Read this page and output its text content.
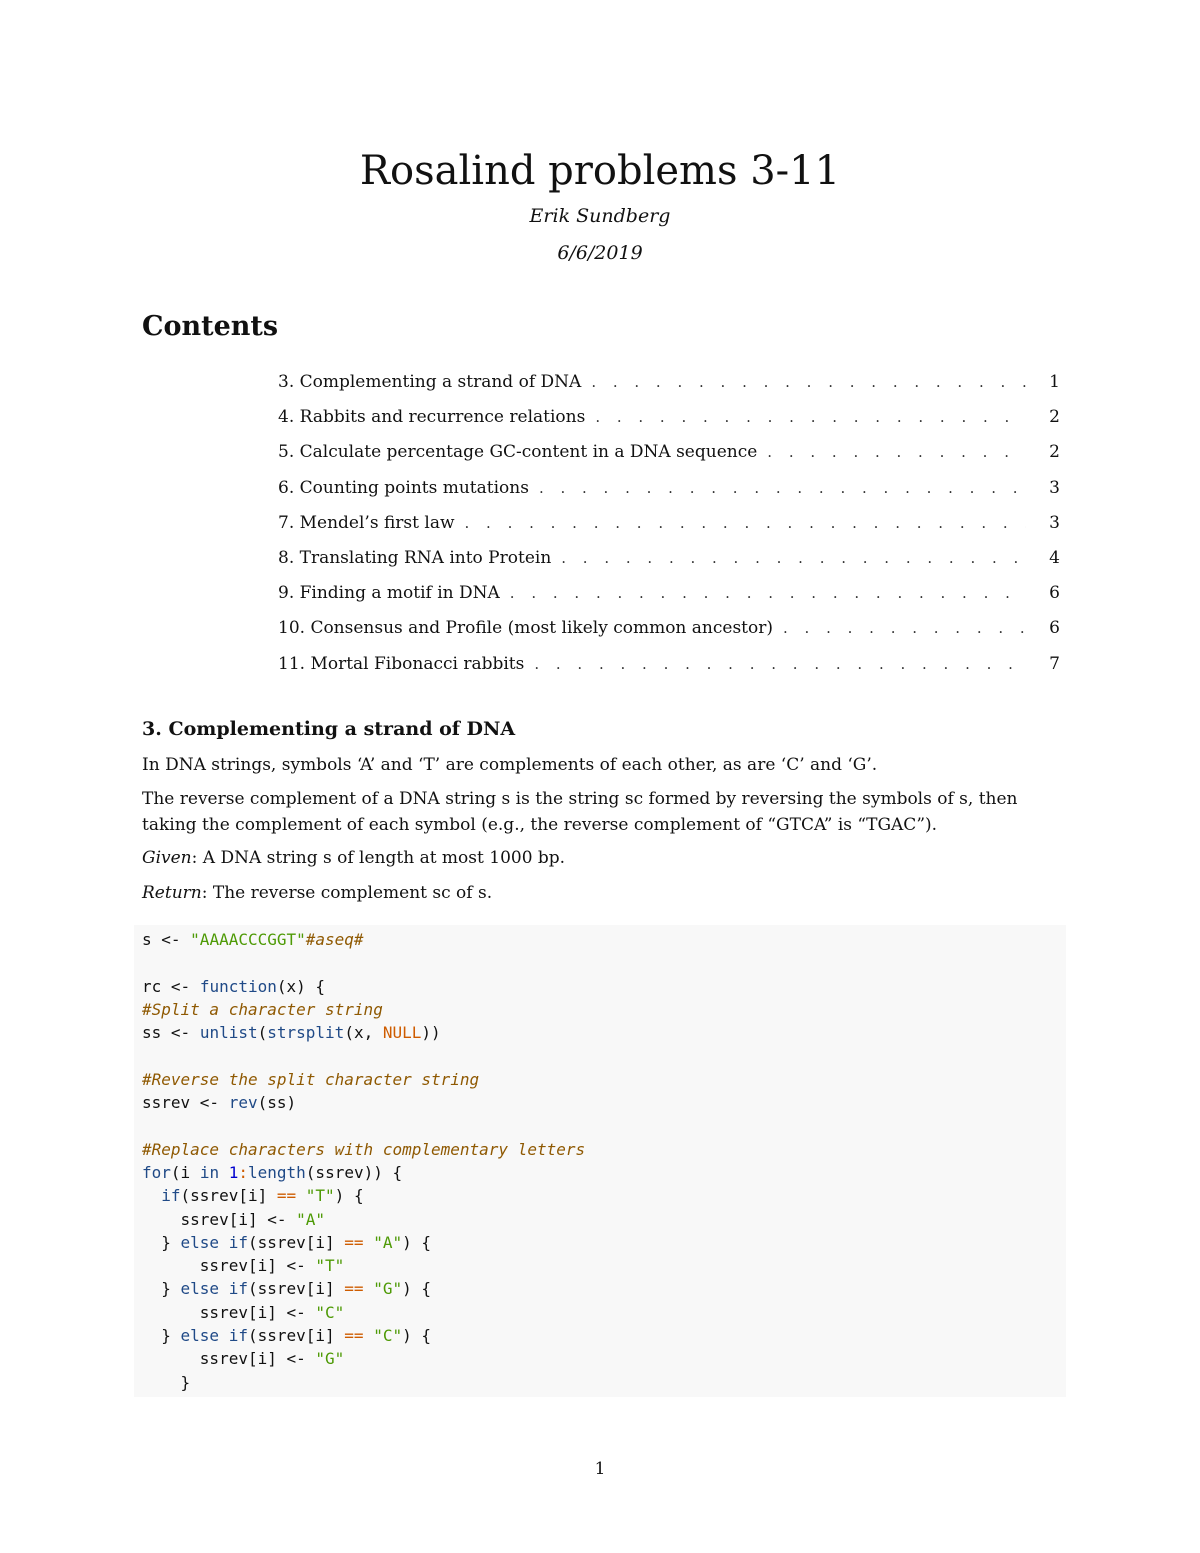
Rosalind problems 3-11
Erik Sundberg
6/6/2019
Contents
3. Complementing a strand of DNA . . .	1
4. Rabbits and recurrence relations . . .	2
5. Calculate percentage GC-content in a DNA sequence . . .	2
6. Counting points mutations . . .	3
7. Mendel’s first law . . .	3
8. Translating RNA into Protein . . .	4
9. Finding a motif in DNA . . .	6
10. Consensus and Profile (most likely common ancestor) . . .	6
11. Mortal Fibonacci rabbits . . .	7
3. Complementing a strand of DNA

In DNA strings, symbols ‘A’ and ‘T’ are complements of each other, as are ‘C’ and ‘G’.

The reverse complement of a DNA string s is the string sc formed by reversing the symbols of s, then taking the complement of each symbol (e.g., the reverse complement of “GTCA” is “TGAC”).

Given: A DNA string s of length at most 1000 bp.

Return: The reverse complement sc of s.

s <- "AAAACCCGGT"#aseq#
rc <- function(x) {
#Split a character string
ss <- unlist(strsplit(x, NULL))
#Reverse the split character string
ssrev <- rev(ss)
#Replace characters with complementary letters
for(i in 1:length(ssrev)) {
if(ssrev[i] == "T") {
ssrev[i] <- "A"
} else if(ssrev[i] == "A") {
ssrev[i] <- "T"
} else if(ssrev[i] == "G") {
ssrev[i] <- "C"
} else if(ssrev[i] == "C") {
ssrev[i] <- "G"
}
1
